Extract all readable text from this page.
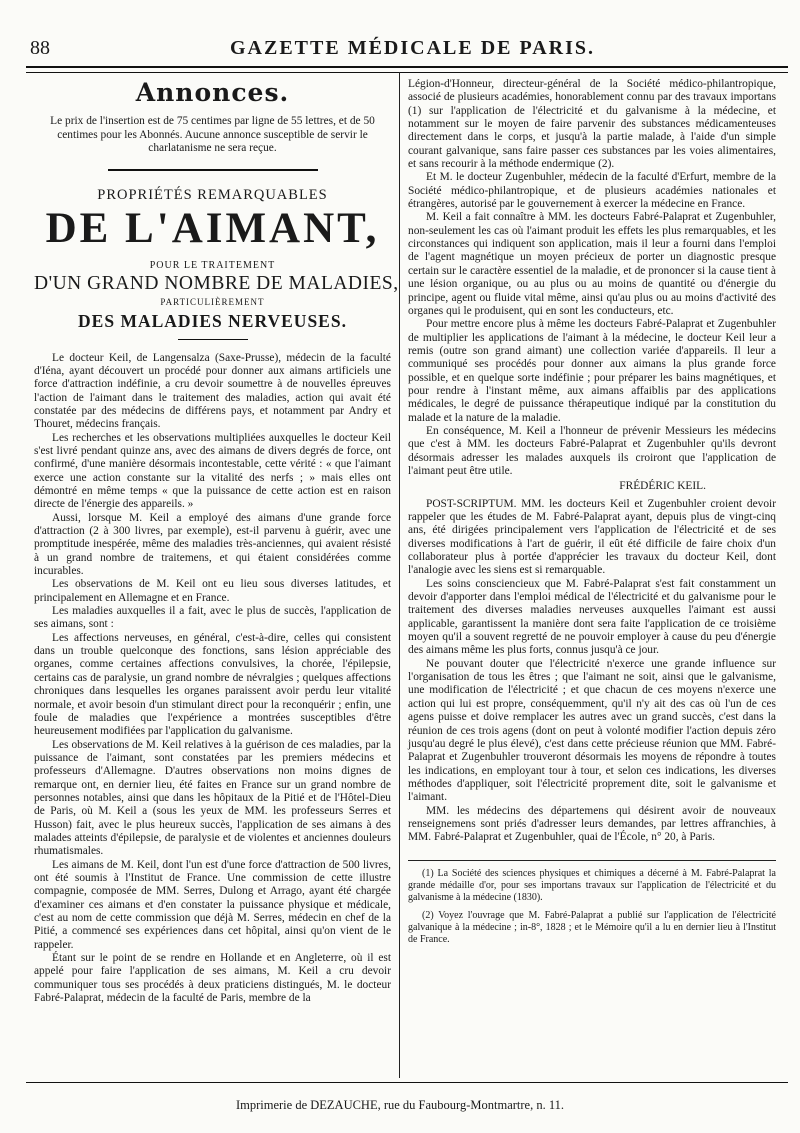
88	GAZETTE MÉDICALE DE PARIS.
Annonces.
Le prix de l'insertion est de 75 centimes par ligne de 55 lettres, et de 50 centimes pour les Abonnés. Aucune annonce susceptible de servir le charlatanisme ne sera reçue.
PROPRIÉTÉS REMARQUABLES
DE L'AIMANT,
POUR LE TRAITEMENT
D'UN GRAND NOMBRE DE MALADIES,
PARTICULIÈREMENT
DES MALADIES NERVEUSES.

Le docteur Keil, de Langensalza (Saxe-Prusse), médecin de la faculté d'Iéna, ayant découvert un procédé pour donner aux aimans artificiels une force d'attraction indéfinie, a cru devoir soumettre à de nouvelles épreuves l'action de l'aimant dans le traitement des maladies, action qui avait été constatée par des médecins de différens pays, et notamment par Andry et Thouret, médecins français.

Les recherches et les observations multipliées auxquelles le docteur Keil s'est livré pendant quinze ans, avec des aimans de divers degrés de force, ont confirmé, d'une manière désormais incontestable, cette vérité : « que l'aimant exerce une action constante sur la vitalité des nerfs ; » mais elles ont démontré en même temps « que la puissance de cette action est en raison directe de l'énergie des appareils. »

Aussi, lorsque M. Keil a employé des aimans d'une grande force d'attraction (2 à 300 livres, par exemple), est-il parvenu à guérir, avec une promptitude inespérée, même des maladies très-anciennes, qui avaient résisté à un grand nombre de traitemens, et qui étaient considérées comme incurables.

Les observations de M. Keil ont eu lieu sous diverses latitudes, et principalement en Allemagne et en France.

Les maladies auxquelles il a fait, avec le plus de succès, l'application de ses aimans, sont :

Les affections nerveuses, en général, c'est-à-dire, celles qui consistent dans un trouble quelconque des fonctions, sans lésion appréciable des organes, comme certaines affections convulsives, la chorée, l'épilepsie, certains cas de paralysie, un grand nombre de névralgies ; quelques affections chroniques dans lesquelles les organes paraissent avoir perdu leur vitalité normale, et avoir besoin d'un stimulant direct pour la reconquérir ; enfin, une foule de maladies que l'expérience a montrées susceptibles d'être heureusement modifiées par l'application du galvanisme.

Les observations de M. Keil relatives à la guérison de ces maladies, par la puissance de l'aimant, sont constatées par les premiers médecins et professeurs d'Allemagne. D'autres observations non moins dignes de remarque ont, en dernier lieu, été faites en France sur un grand nombre de personnes notables, ainsi que dans les hôpitaux de la Pitié et de l'Hôtel-Dieu de Paris, où M. Keil a (sous les yeux de MM. les professeurs Serres et Husson) fait, avec le plus heureux succès, l'application de ses aimans à des malades atteints d'épilepsie, de paralysie et de violentes et anciennes douleurs rhumatismales.

Les aimans de M. Keil, dont l'un est d'une force d'attraction de 500 livres, ont été soumis à l'Institut de France. Une commission de cette illustre compagnie, composée de MM. Serres, Dulong et Arrago, ayant été chargée d'examiner ces aimans et d'en constater la puissance physique et médicale, c'est au nom de cette commission que déjà M. Serres, médecin en chef de la Pitié, a commencé ses expériences dans cet hôpital, ainsi qu'on vient de le rappeler.

Étant sur le point de se rendre en Hollande et en Angleterre, où il est appelé pour faire l'application de ses aimans, M. Keil a cru devoir communiquer tous ses procédés à deux praticiens distingués, M. le docteur Fabré-Palaprat, médecin de la faculté de Paris, membre de la

Légion-d'Honneur, directeur-général de la Société médico-philantropique, associé de plusieurs académies, honorablement connu par des travaux importans (1) sur l'application de l'électricité et du galvanisme à la médecine, et notamment sur le moyen de faire parvenir des substances médicamenteuses directement dans le corps, et jusqu'à la partie malade, à l'aide d'un simple courant galvanique, sans faire passer ces substances par les voies alimentaires, et sans recourir à la méthode endermique (2).

Et M. le docteur Zugenbuhler, médecin de la faculté d'Erfurt, membre de la Société médico-philantropique, et de plusieurs académies nationales et étrangères, autorisé par le gouvernement à exercer la médecine en France.

M. Keil a fait connaître à MM. les docteurs Fabré-Palaprat et Zugenbuhler, non-seulement les cas où l'aimant produit les effets les plus remarquables, et les circonstances qui indiquent son application, mais il leur a fourni dans l'emploi de l'agent magnétique un moyen précieux de porter un diagnostic presque certain sur le caractère essentiel de la maladie, et de prononcer si la cause tient à une lésion organique, ou au plus ou au moins de quantité ou d'énergie du principe, agent ou fluide vital même, ainsi qu'au plus ou au moins d'activité des organes qui le produisent, qui en sont les conducteurs, etc.

Pour mettre encore plus à même les docteurs Fabré-Palaprat et Zugenbuhler de multiplier les applications de l'aimant à la médecine, le docteur Keil leur a remis (outre son grand aimant) une collection variée d'appareils. Il leur a communiqué ses procédés pour donner aux aimans la plus grande force possible, et en quelque sorte indéfinie ; pour préparer les bains magnétiques, et pour rendre à l'instant même, aux aimans affaiblis par des applications médicales, le degré de puissance thérapeutique indiqué par la constitution du malade et la nature de la maladie.

En conséquence, M. Keil a l'honneur de prévenir Messieurs les médecins que c'est à MM. les docteurs Fabré-Palaprat et Zugenbuhler qu'ils devront désormais adresser les malades auxquels ils croiront que l'application de l'aimant peut être utile.

FRÉDÉRIC KEIL.

POST-SCRIPTUM. MM. les docteurs Keil et Zugenbuhler croient devoir rappeler que les études de M. Fabré-Palaprat ayant, depuis plus de vingt-cinq ans, été dirigées principalement vers l'application de l'électricité et de ses diverses modifications à l'art de guérir, il eût été difficile de faire choix d'un collaborateur plus à portée d'apprécier les travaux du docteur Keil, dont l'analogie avec les siens est si remarquable.

Les soins consciencieux que M. Fabré-Palaprat s'est fait constamment un devoir d'apporter dans l'emploi médical de l'électricité et du galvanisme pour le traitement des diverses maladies nerveuses auxquelles l'aimant est aussi applicable, garantissent la manière dont sera faite l'application de ce troisième moyen qu'il a souvent regretté de ne pouvoir employer à cause du peu d'énergie des aimans même les plus forts, connus jusqu'à ce jour.

Ne pouvant douter que l'électricité n'exerce une grande influence sur l'organisation de tous les êtres ; que l'aimant ne soit, ainsi que le galvanisme, une modification de l'électricité ; et que chacun de ces moyens n'exerce une action qui lui est propre, conséquemment, qu'il n'y ait des cas où l'un de ces agens puisse et doive remplacer les autres avec un grand succès, c'est dans la réunion de ces trois agens (dont on peut à volonté modifier l'action depuis zéro jusqu'au degré le plus élevé), c'est dans cette précieuse réunion que MM. Fabré-Palaprat et Zugenbuhler trouveront désormais les moyens de répondre à toutes les indications, en employant tour à tour, et selon ces indications, les diverses méthodes d'appliquer, soit l'électricité proprement dite, soit le galvanisme et l'aimant.

MM. les médecins des départemens qui désirent avoir de nouveaux renseignemens sont priés d'adresser leurs demandes, par lettres affranchies, à MM. Fabré-Palaprat et Zugenbuhler, quai de l'École, n° 20, à Paris.

(1) La Société des sciences physiques et chimiques a décerné à M. Fabré-Palaprat la grande médaille d'or, pour ses importans travaux sur l'application de l'électricité et du galvanisme à la médecine (1830).

(2) Voyez l'ouvrage que M. Fabré-Palaprat a publié sur l'application de l'électricité galvanique à la médecine ; in-8°, 1828 ; et le Mémoire qu'il a lu en dernier lieu à l'Institut de France.

Imprimerie de DEZAUCHE, rue du Faubourg-Montmartre, n. 11.
